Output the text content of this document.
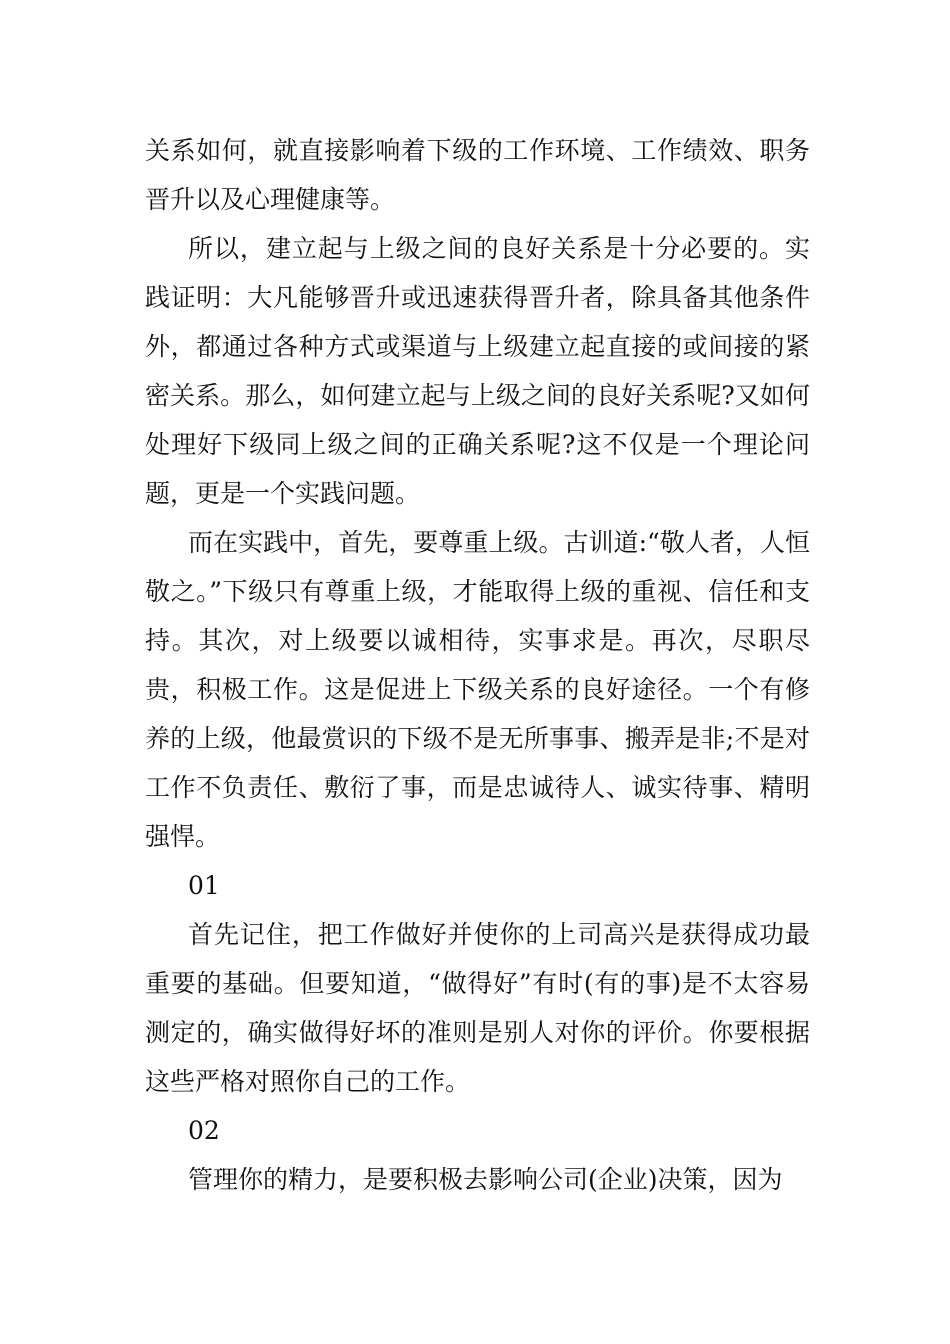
关系如何，就直接影响着下级的工作环境、工作绩效、职务晋升以及心理健康等。

所以，建立起与上级之间的良好关系是十分必要的。实践证明：大凡能够晋升或迅速获得晋升者，除具备其他条件外，都通过各种方式或渠道与上级建立起直接的或间接的紧密关系。那么，如何建立起与上级之间的良好关系呢?又如何处理好下级同上级之间的正确关系呢?这不仅是一个理论问题，更是一个实践问题。

而在实践中，首先，要尊重上级。古训道:“敬人者，人恒敬之。”下级只有尊重上级，才能取得上级的重视、信任和支持。其次，对上级要以诚相待，实事求是。再次，尽职尽贵，积极工作。这是促进上下级关系的良好途径。一个有修养的上级，他最赏识的下级不是无所事事、搬弄是非;不是对工作不负责任、敷衍了事，而是忠诚待人、诚实待事、精明强悍。

01

首先记住，把工作做好并使你的上司高兴是获得成功最重要的基础。但要知道，“做得好”有时(有的事)是不太容易测定的，确实做得好坏的准则是别人对你的评价。你要根据这些严格对照你自己的工作。

02

管理你的精力，是要积极去影响公司(企业)决策，因为
